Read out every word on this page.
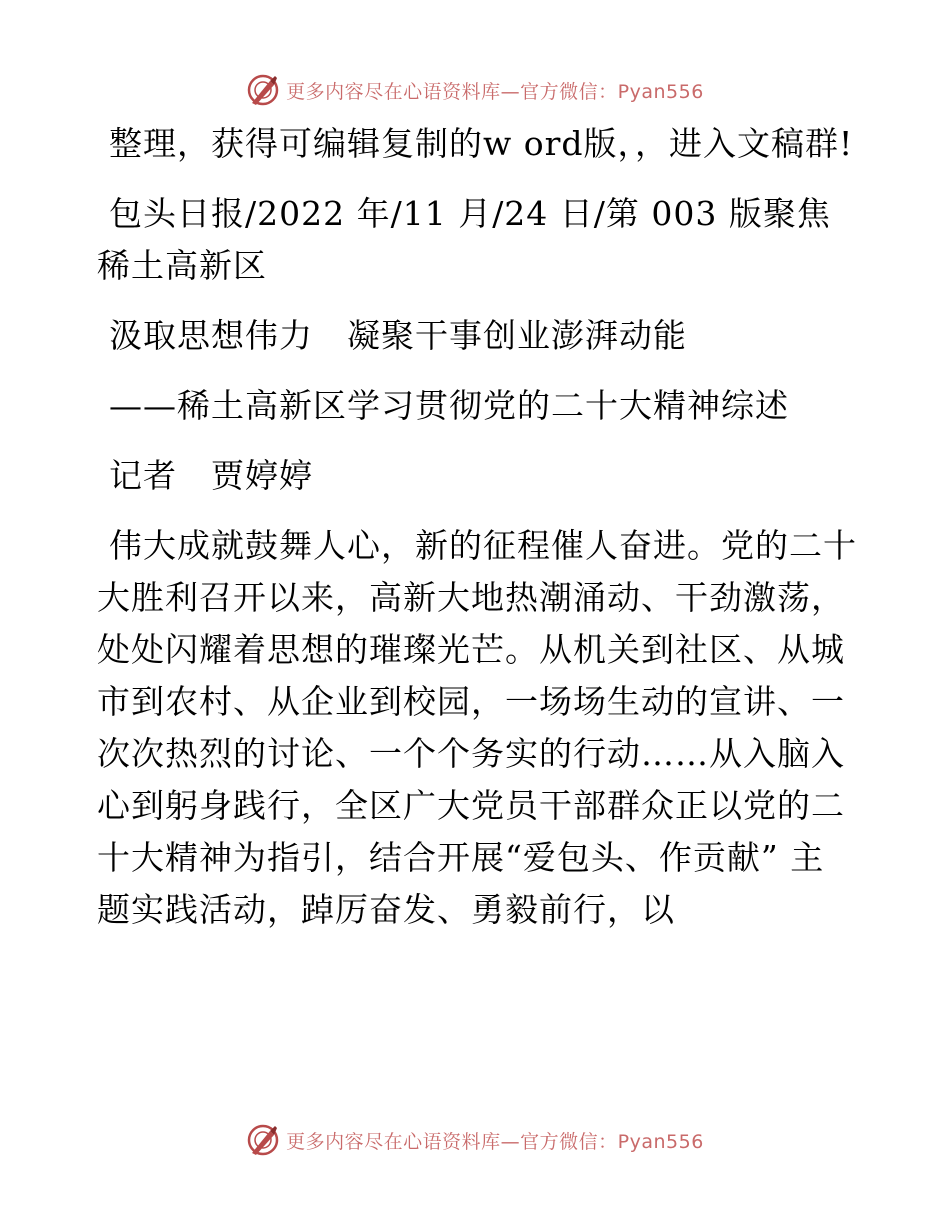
更多内容尽在心语资料库—官方微信：Pyan556

整理，获得可编辑复制的w ord版，，进入文稿群!

包头日报/2022 年/11 月/24 日/第 003 版聚焦稀土高新区

汲取思想伟力　凝聚干事创业澎湃动能

——稀土高新区学习贯彻党的二十大精神综述

记者　贾婷婷

伟大成就鼓舞人心，新的征程催人奋进。党的二十大胜利召开以来，高新大地热潮涌动、干劲激荡，处处闪耀着思想的璀璨光芒。从机关到社区、从城市到农村、从企业到校园，一场场生动的宣讲、一次次热烈的讨论、一个个务实的行动……从入脑入心到躬身践行，全区广大党员干部群众正以党的二十大精神为指引，结合开展“爱包头、作贡献” 主题实践活动，踔厉奋发、勇毅前行，以

更多内容尽在心语资料库—官方微信：Pyan556
